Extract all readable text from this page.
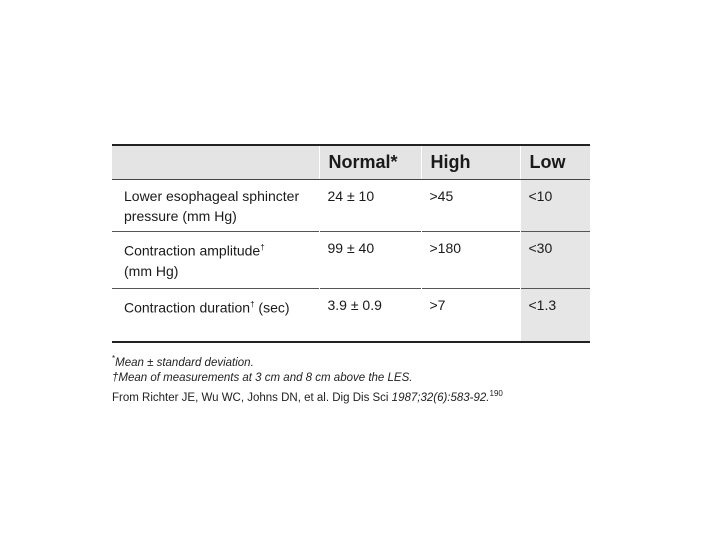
	Normal*	High	Low
Lower esophageal sphincter
pressure (mm Hg)	24 ± 10	>45	<10
Contraction amplitude†
(mm Hg)	99 ± 40	>180	<30
Contraction duration† (sec)	3.9 ± 0.9	>7	<1.3
*Mean ± standard deviation.
†Mean of measurements at 3 cm and 8 cm above the LES.
From Richter JE, Wu WC, Johns DN, et al. Dig Dis Sci 1987;32(6):583-92.$^{190}$
